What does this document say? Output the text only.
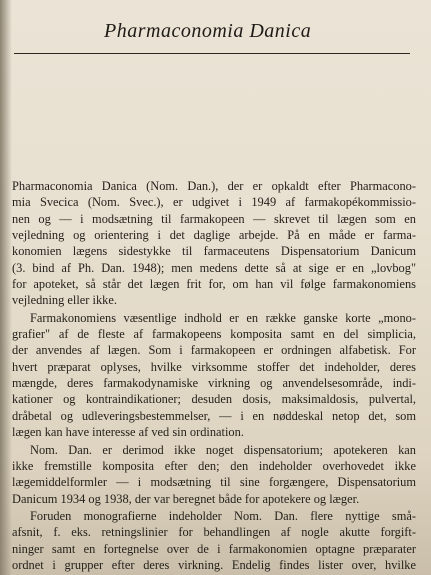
Pharmaconomia Danica
Pharmaconomia Danica (Nom. Dan.), der er opkaldt efter Pharmacono-
mia Svecica (Nom. Svec.), er udgivet i 1949 af farmakopékommissio-
nen og — i modsætning til farmakopeen — skrevet til lægen som en
vejledning og orientering i det daglige arbejde. På en måde er farma-
konomien lægens sidestykke til farmaceutens Dispensatorium Danicum
(3. bind af Ph. Dan. 1948); men medens dette så at sige er en „lovbog"
for apoteket, så står det lægen frit for, om han vil følge farmakonomiens
vejledning eller ikke.
Farmakonomiens væsentlige indhold er en række ganske korte „mono-
grafier" af de fleste af farmakopeens komposita samt en del simplicia,
der anvendes af lægen. Som i farmakopeen er ordningen alfabetisk. For
hvert præparat oplyses, hvilke virksomme stoffer det indeholder, deres
mængde, deres farmakodynamiske virkning og anvendelsesområde, indi-
kationer og kontraindikationer; desuden dosis, maksimaldosis, pulvertal,
dråbetal og udleveringsbestemmelser, — i en nøddeskal netop det, som
lægen kan have interesse af ved sin ordination.
Nom. Dan. er derimod ikke noget dispensatorium; apotekeren kan
ikke fremstille komposita efter den; den indeholder overhovedet ikke
lægemiddelformler — i modsætning til sine forgængere, Dispensatorium
Danicum 1934 og 1938, der var beregnet både for apotekere og læger.
Foruden monografierne indeholder Nom. Dan. flere nyttige små-
afsnit, f. eks. retningslinier for behandlingen af nogle akutte forgift-
ninger samt en fortegnelse over de i farmakonomien optagne præparater
ordnet i grupper efter deres virkning. Endelig findes lister over, hvilke
